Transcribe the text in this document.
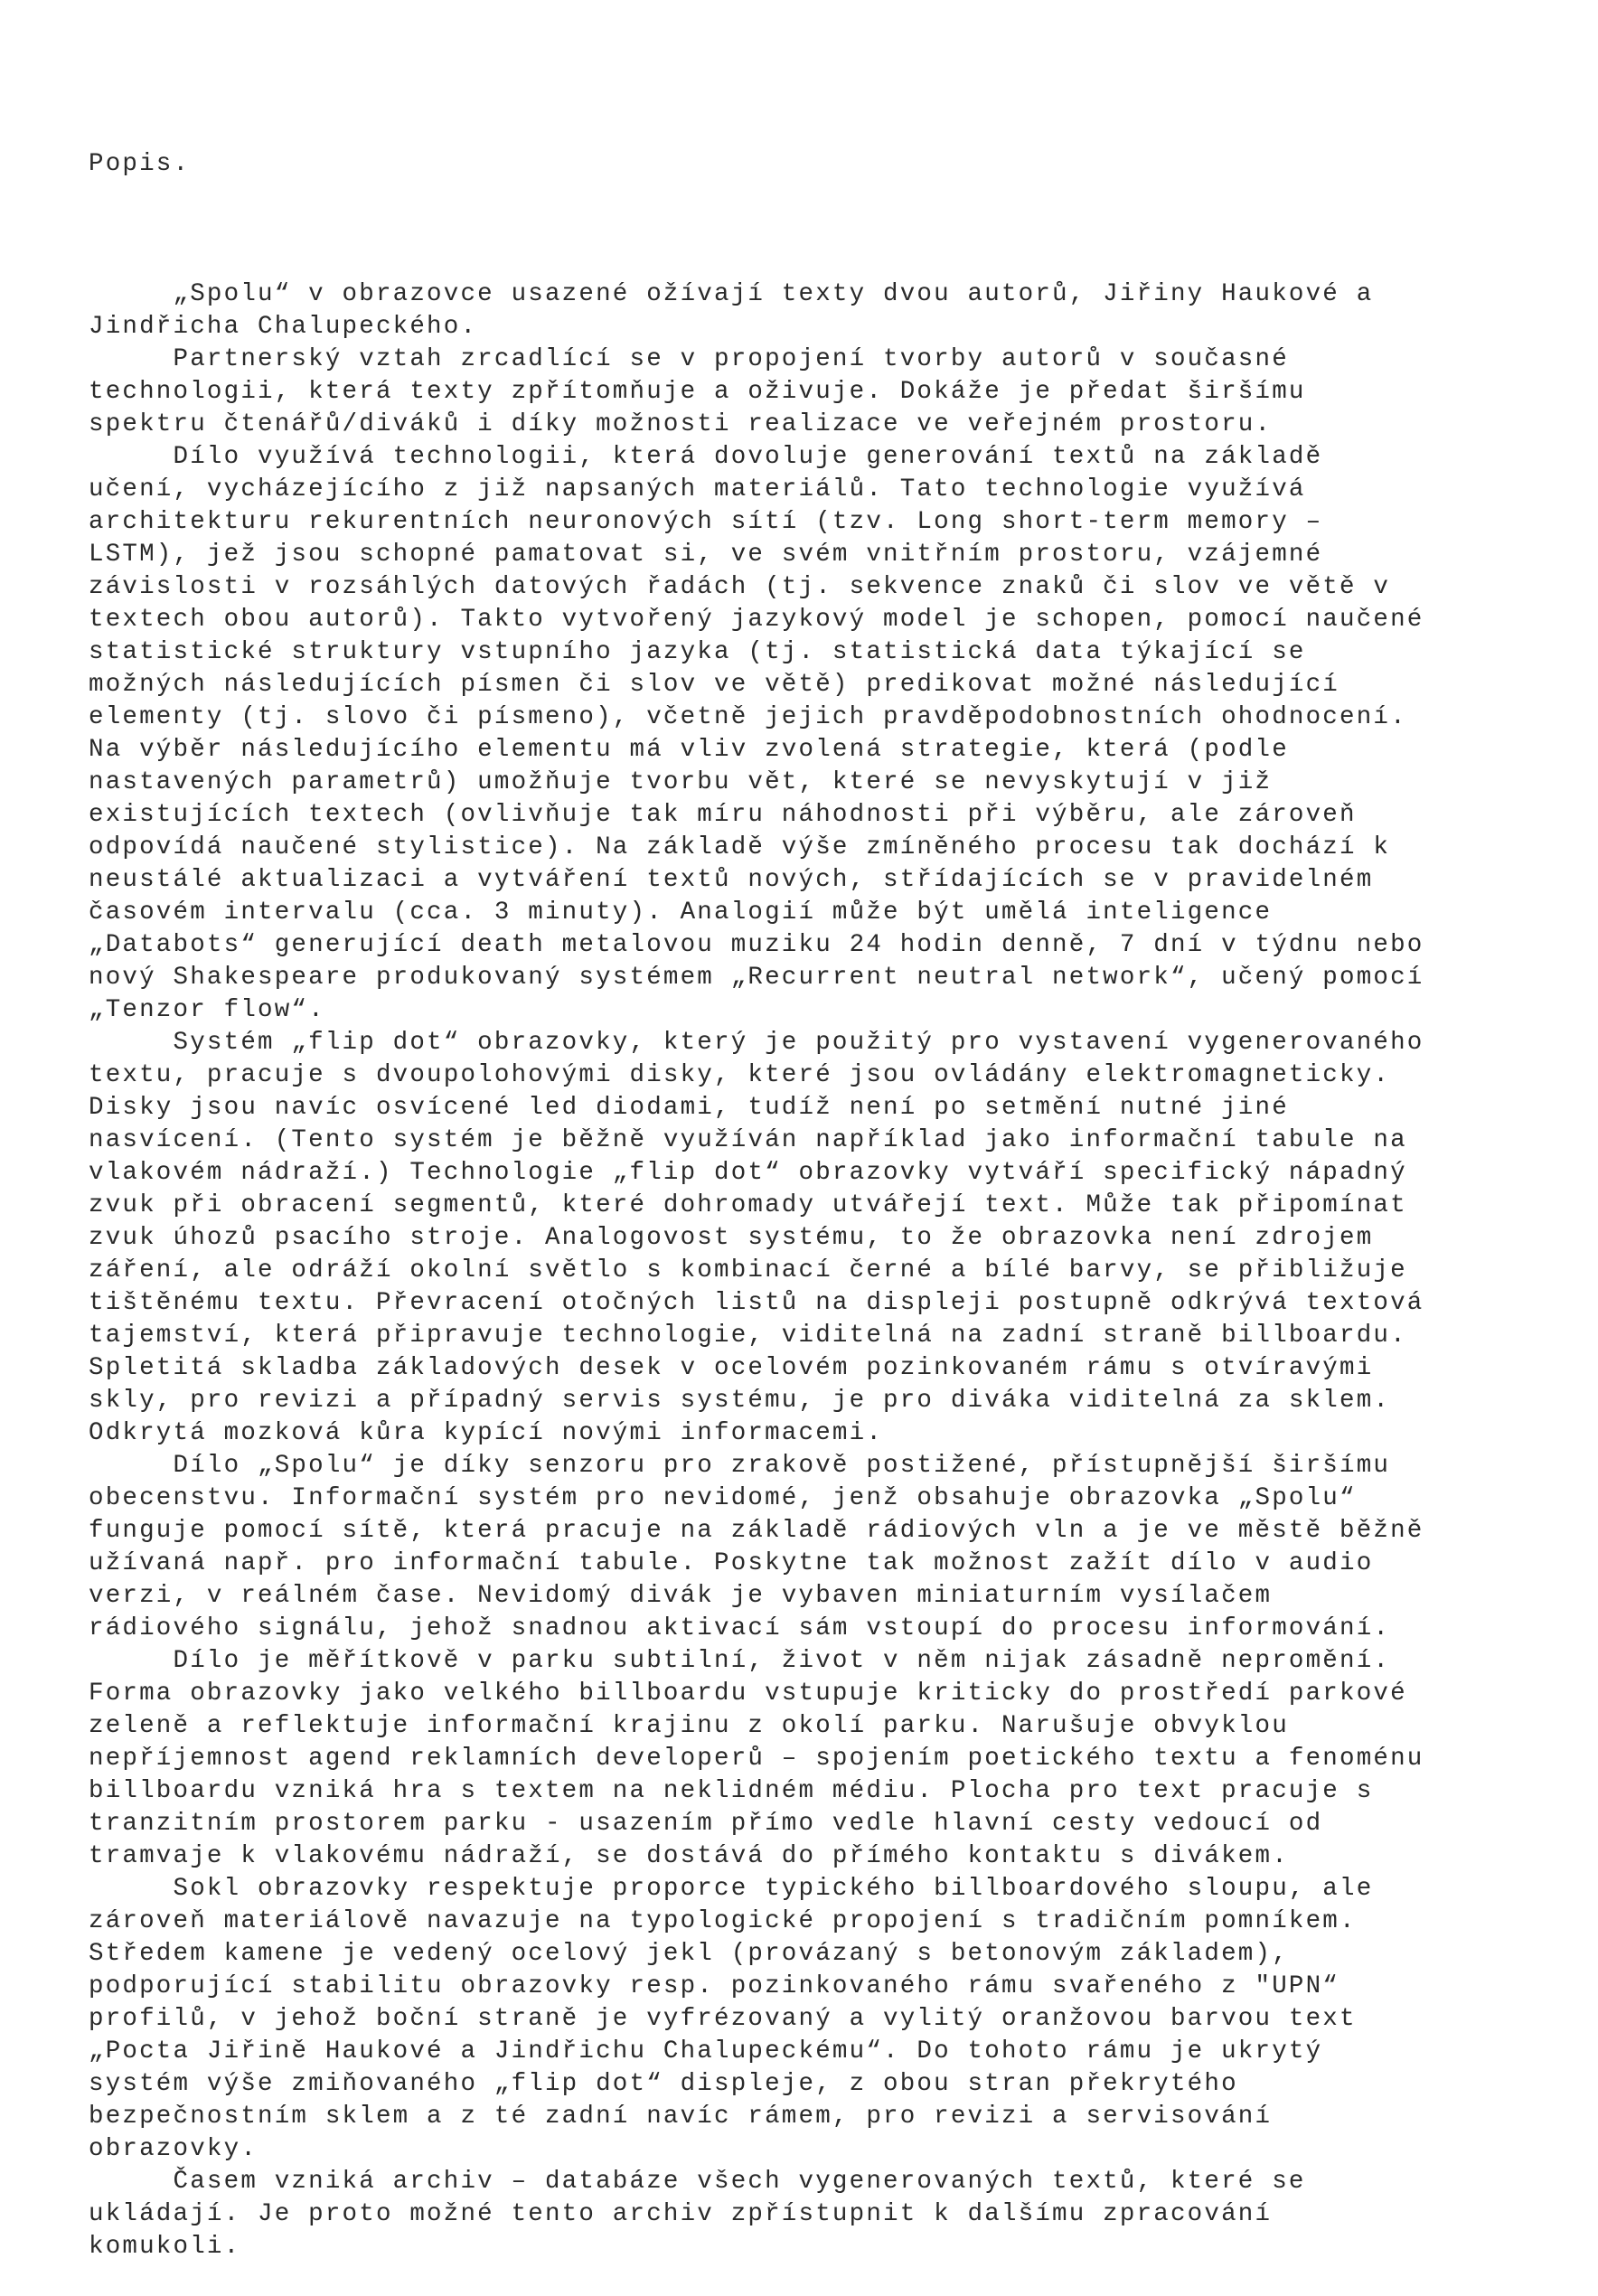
Popis.

„Spolu“ v obrazovce usazené ožívají texty dvou autorů, Jiřiny Haukové a
Jindřicha Chalupeckého.
Partnerský vztah zrcadlící se v propojení tvorby autorů v současné
technologii, která texty zpřítomňuje a oživuje. Dokáže je předat širšímu
spektru čtenářů/diváků i díky možnosti realizace ve veřejném prostoru.
Dílo využívá technologii, která dovoluje generování textů na základě
učení, vycházejícího z již napsaných materiálů. Tato technologie využívá
architekturu rekurentních neuronových sítí (tzv. Long short-term memory –
LSTM), jež jsou schopné pamatovat si, ve svém vnitřním prostoru, vzájemné
závislosti v rozsáhlých datových řadách (tj. sekvence znaků či slov ve větě v
textech obou autorů). Takto vytvořený jazykový model je schopen, pomocí naučené
statistické struktury vstupního jazyka (tj. statistická data týkající se
možných následujících písmen či slov ve větě) predikovat možné následující
elementy (tj. slovo či písmeno), včetně jejich pravděpodobnostních ohodnocení.
Na výběr následujícího elementu má vliv zvolená strategie, která (podle
nastavených parametrů) umožňuje tvorbu vět, které se nevyskytují v již
existujících textech (ovlivňuje tak míru náhodnosti při výběru, ale zároveň
odpovídá naučené stylistice). Na základě výše zmíněného procesu tak dochází k
neustálé aktualizaci a vytváření textů nových, střídajících se v pravidelném
časovém intervalu (cca. 3 minuty). Analogií může být umělá inteligence
„Databots“ generující death metalovou muziku 24 hodin denně, 7 dní v týdnu nebo
nový Shakespeare produkovaný systémem „Recurrent neutral network“, učený pomocí
„Tenzor flow“.
Systém „flip dot“ obrazovky, který je použitý pro vystavení vygenerovaného
textu, pracuje s dvoupolohovými disky, které jsou ovládány elektromagneticky.
Disky jsou navíc osvícené led diodami, tudíž není po setmění nutné jiné
nasvícení. (Tento systém je běžně využíván například jako informační tabule na
vlakovém nádraží.) Technologie „flip dot“ obrazovky vytváří specifický nápadný
zvuk při obracení segmentů, které dohromady utvářejí text. Může tak připomínat
zvuk úhozů psacího stroje. Analogovost systému, to že obrazovka není zdrojem
záření, ale odráží okolní světlo s kombinací černé a bílé barvy, se přibližuje
tištěnému textu. Převracení otočných listů na displeji postupně odkrývá textová
tajemství, která připravuje technologie, viditelná na zadní straně billboardu.
Spletitá skladba základových desek v ocelovém pozinkovaném rámu s otvíravými
skly, pro revizi a případný servis systému, je pro diváka viditelná za sklem.
Odkrytá mozková kůra kypící novými informacemi.
Dílo „Spolu“ je díky senzoru pro zrakově postižené, přístupnější širšímu
obecenstvu. Informační systém pro nevidomé, jenž obsahuje obrazovka „Spolu“
funguje pomocí sítě, která pracuje na základě rádiových vln a je ve městě běžně
užívaná např. pro informační tabule. Poskytne tak možnost zažít dílo v audio
verzi, v reálném čase. Nevidomý divák je vybaven miniaturním vysílačem
rádiového signálu, jehož snadnou aktivací sám vstoupí do procesu informování.
Dílo je měřítkově v parku subtilní, život v něm nijak zásadně nepromění.
Forma obrazovky jako velkého billboardu vstupuje kriticky do prostředí parkové
zeleně a reflektuje informační krajinu z okolí parku. Narušuje obvyklou
nepříjemnost agend reklamních developerů – spojením poetického textu a fenoménu
billboardu vzniká hra s textem na neklidném médiu. Plocha pro text pracuje s
tranzitním prostorem parku - usazením přímo vedle hlavní cesty vedoucí od
tramvaje k vlakovému nádraží, se dostává do přímého kontaktu s divákem.
Sokl obrazovky respektuje proporce typického billboardového sloupu, ale
zároveň materiálově navazuje na typologické propojení s tradičním pomníkem.
Středem kamene je vedený ocelový jekl (provázaný s betonovým základem),
podporující stabilitu obrazovky resp. pozinkovaného rámu svařeného z "UPN“
profilů, v jehož boční straně je vyfrézovaný a vylitý oranžovou barvou text
„Pocta Jiřině Haukové a Jindřichu Chalupeckému“. Do tohoto rámu je ukrytý
systém výše zmiňovaného „flip dot“ displeje, z obou stran překrytého
bezpečnostním sklem a z té zadní navíc rámem, pro revizi a servisování
obrazovky.
Časem vzniká archiv – databáze všech vygenerovaných textů, které se
ukládají. Je proto možné tento archiv zpřístupnit k dalšímu zpracování
komukoli.
